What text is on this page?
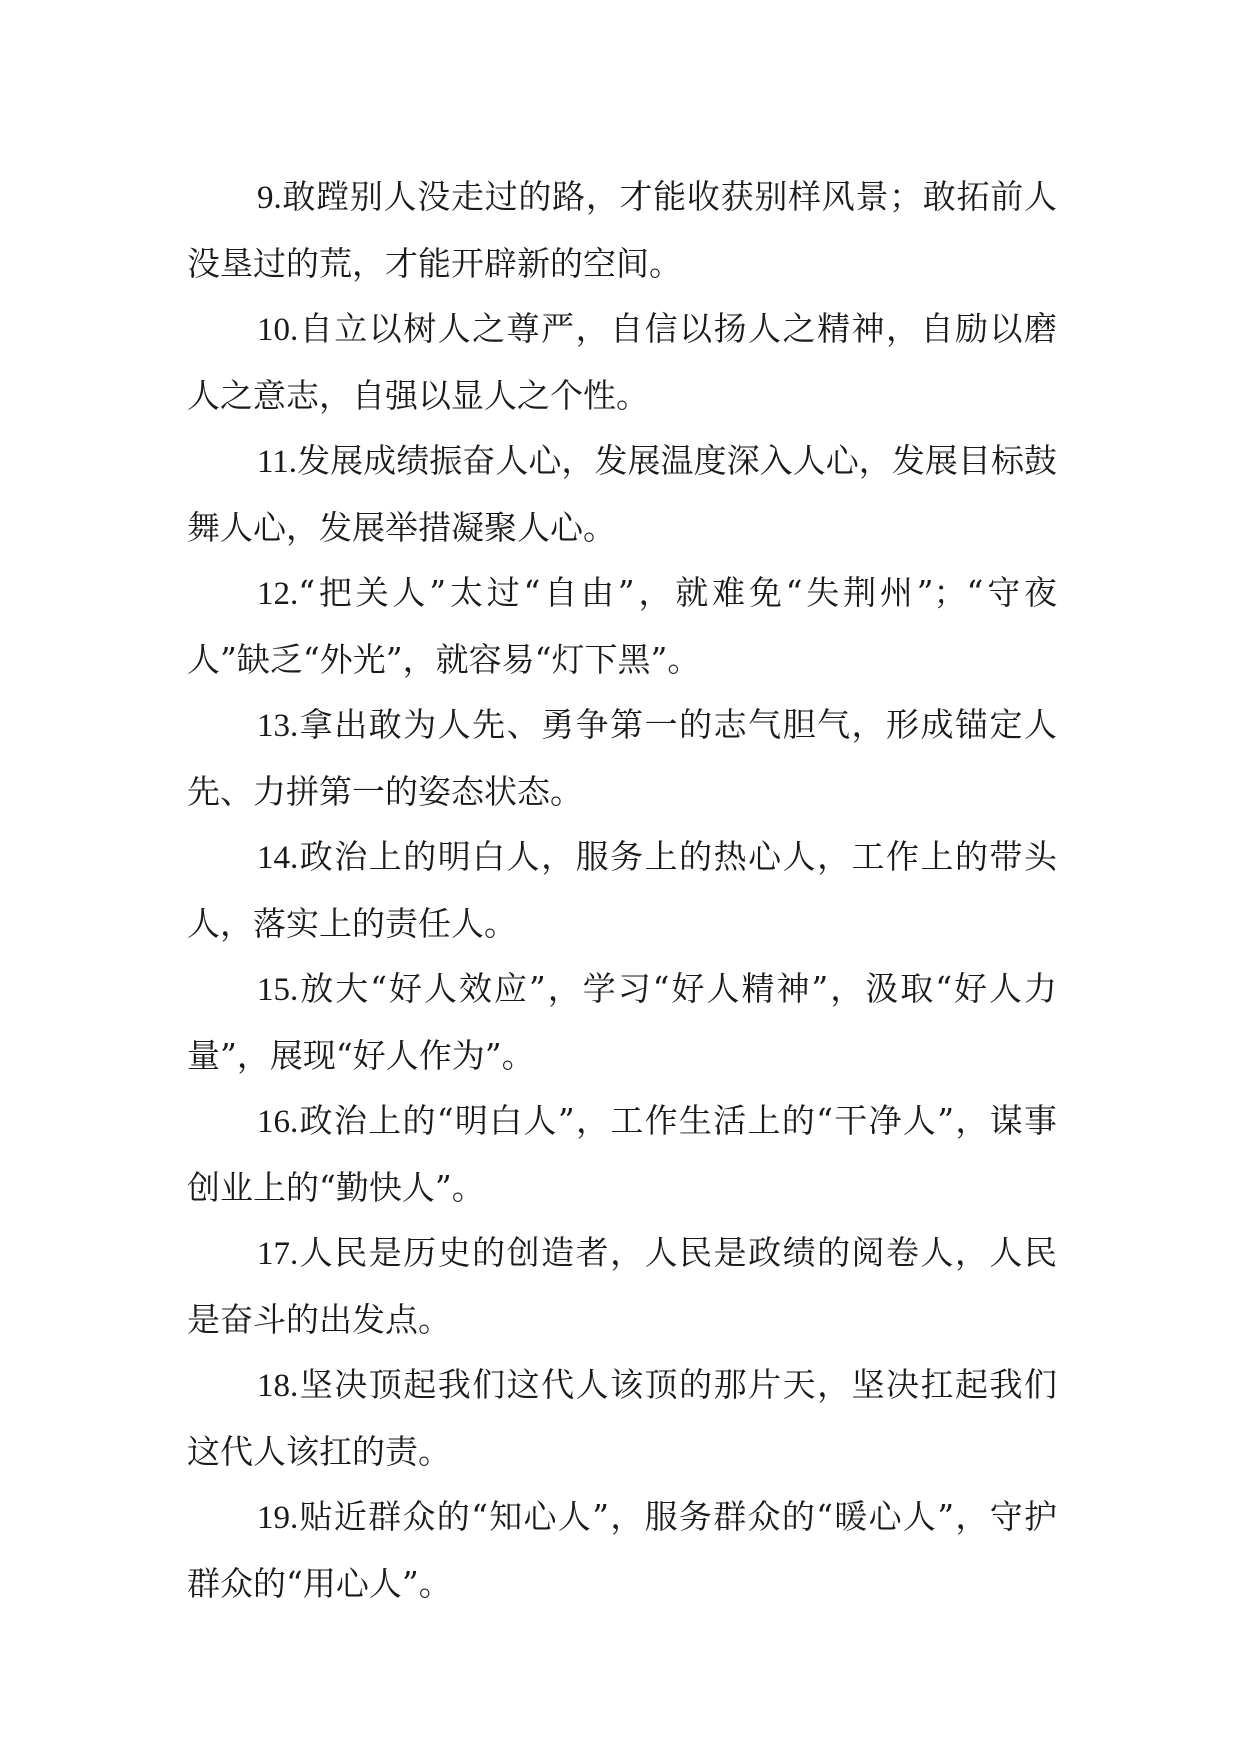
9.敢蹚别人没走过的路，才能收获别样风景；敢拓前人没垦过的荒，才能开辟新的空间。

10.自立以树人之尊严，自信以扬人之精神，自励以磨人之意志，自强以显人之个性。

11.发展成绩振奋人心，发展温度深入人心，发展目标鼓舞人心，发展举措凝聚人心。

12.“把关人”太过“自由”，就难免“失荆州”；“守夜人”缺乏“外光”，就容易“灯下黑”。

13.拿出敢为人先、勇争第一的志气胆气，形成锚定人先、力拼第一的姿态状态。

14.政治上的明白人，服务上的热心人，工作上的带头人，落实上的责任人。

15.放大“好人效应”，学习“好人精神”，汲取“好人力量”，展现“好人作为”。

16.政治上的“明白人”，工作生活上的“干净人”，谋事创业上的“勤快人”。

17.人民是历史的创造者，人民是政绩的阅卷人，人民是奋斗的出发点。

18.坚决顶起我们这代人该顶的那片天，坚决扛起我们这代人该扛的责。

19.贴近群众的“知心人”，服务群众的“暖心人”，守护群众的“用心人”。
